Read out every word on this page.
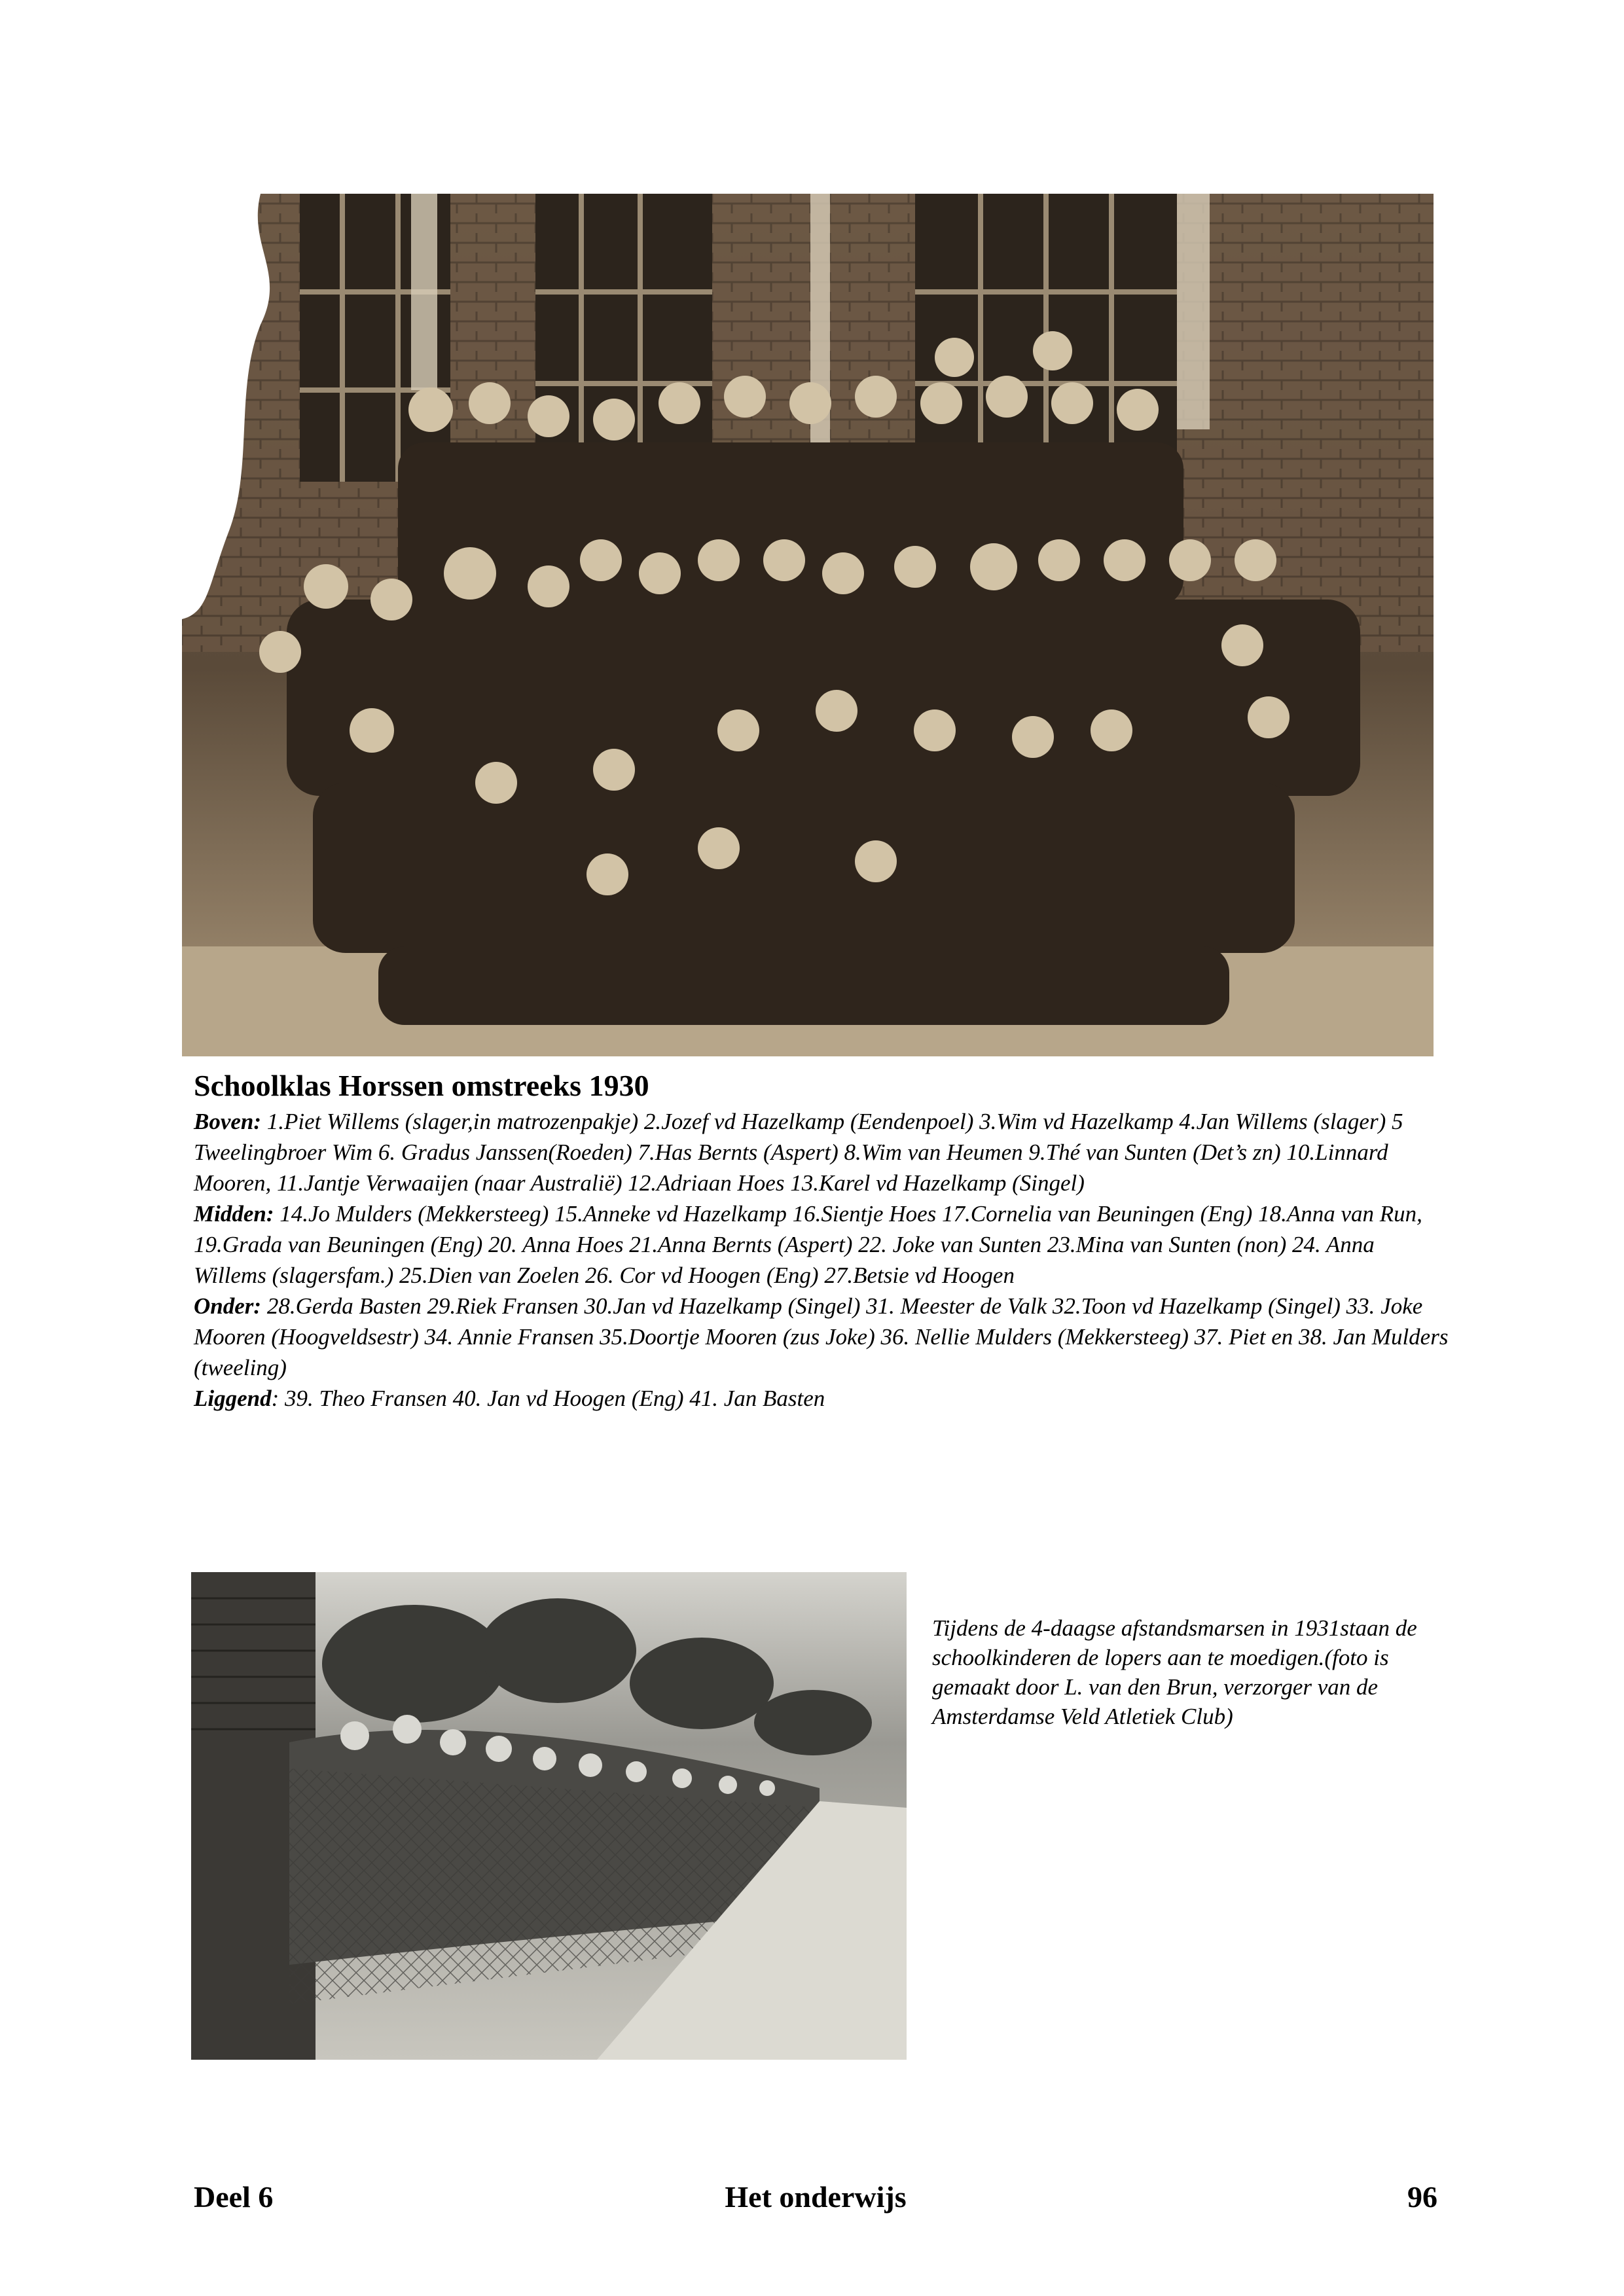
Schoolklas Horssen omstreeks 1930

Boven: 1.Piet Willems (slager,in matrozenpakje) 2.Jozef vd Hazelkamp (Eendenpoel) 3.Wim vd Hazelkamp 4.Jan Willems (slager) 5 Tweelingbroer Wim 6. Gradus Janssen(Roeden) 7.Has Bernts (Aspert) 8.Wim van Heumen 9.Thé van Sunten (Det’s zn) 10.Linnard Mooren, 11.Jantje Verwaaijen (naar Australië) 12.Adriaan Hoes 13.Karel vd Hazelkamp (Singel)

Midden: 14.Jo Mulders (Mekkersteeg) 15.Anneke vd Hazelkamp 16.Sientje Hoes 17.Cornelia van Beuningen (Eng) 18.Anna van Run, 19.Grada van Beuningen (Eng) 20. Anna Hoes 21.Anna Bernts (Aspert) 22. Joke van Sunten 23.Mina van Sunten (non) 24. Anna Willems (slagersfam.) 25.Dien van Zoelen 26. Cor vd Hoogen (Eng) 27.Betsie vd Hoogen

Onder: 28.Gerda Basten 29.Riek Fransen 30.Jan vd Hazelkamp (Singel) 31. Meester de Valk 32.Toon vd Hazelkamp (Singel) 33. Joke Mooren (Hoogveldsestr) 34. Annie Fransen 35.Doortje Mooren (zus Joke) 36. Nellie Mulders (Mekkersteeg) 37. Piet en 38. Jan Mulders (tweeling)

Liggend: 39. Theo Fransen 40. Jan vd Hoogen (Eng) 41. Jan Basten

Tijdens de 4-daagse afstandsmarsen in 1931staan de schoolkinderen de lopers aan te moedigen.(foto is gemaakt door L. van den Brun, verzorger van de Amsterdamse Veld Atletiek Club)
Deel 6	Het onderwijs	96
